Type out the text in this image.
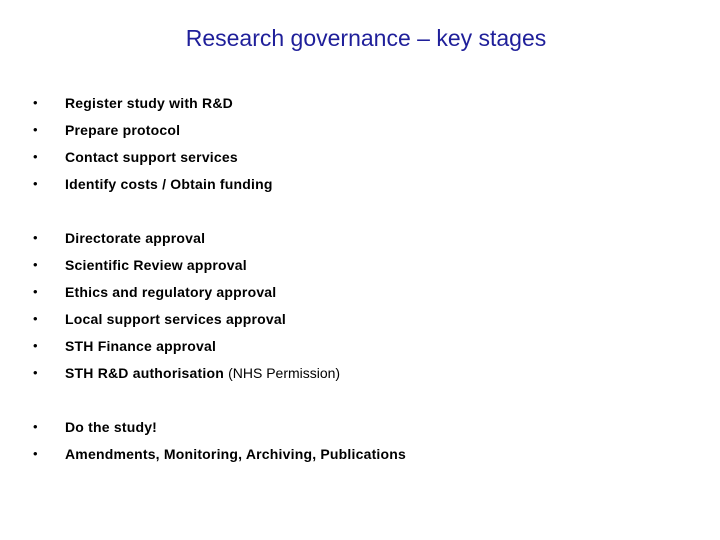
Research governance – key stages
• Register study with R&D
• Prepare protocol
• Contact support services
• Identify costs / Obtain funding
• Directorate approval
• Scientific Review approval
• Ethics and regulatory approval
• Local support services approval
• STH Finance approval
• STH R&D authorisation (NHS Permission)
• Do the study!
• Amendments, Monitoring, Archiving, Publications
